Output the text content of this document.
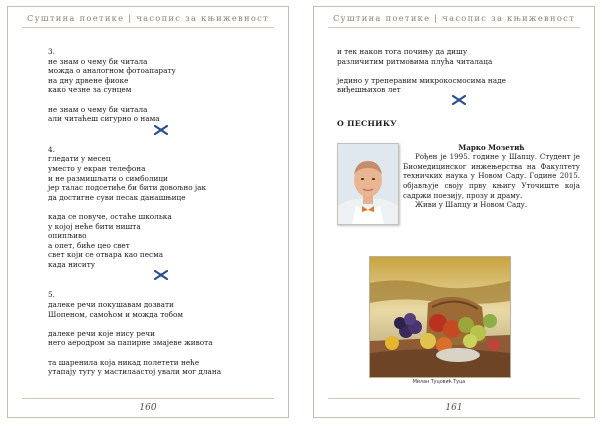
Суштина поетике | часопис за књижевност
3.
не знам о чему би читала
можда о аналогном фотоапарату
на дну дрвене фиоке
како чезне за сунцем
не знам о чему би читала
али читаћеш сигурно о нама
4.
гледати у месец
уместо у екран телефона
и не размишљати о симболици
јер талас подсетиће би бити довољно јак
да достигне суви песак данашњице
када се повуче, остаће школька
у којој неће бити ништа
опипљиво
а опет, биће цео свет
свет који се отвара као песма
када ниситу
5.
далеке речи покушавам дозвати
Шопеном, самоћом и можда тобом
далеке речи које нису речи
него аеродром за папирне змајеве живота
та шаренила која никад полетети неће
утапају тугу у мастилаастој ували мог длана
160
Суштина поетике | часопис за књижевност
и тек након тога почињу да дишу
различитим ритмовима плућа читалаца
једино у треперавим микрокосмосима наде
виђешњихов лет
О ПЕСНИКУ
Марко Мозетић
Рођен је 1995. године у Шапцу. Студент је Биомедицинског инжењерства на Факултету техничких наука у Новом Саду. Године 2015. објављује своју прву књигу Уточиште која садржи поезију, прозу и драму.
Живи у Шапцу и Новом Саду.
Милан Туцовић Туца
161
